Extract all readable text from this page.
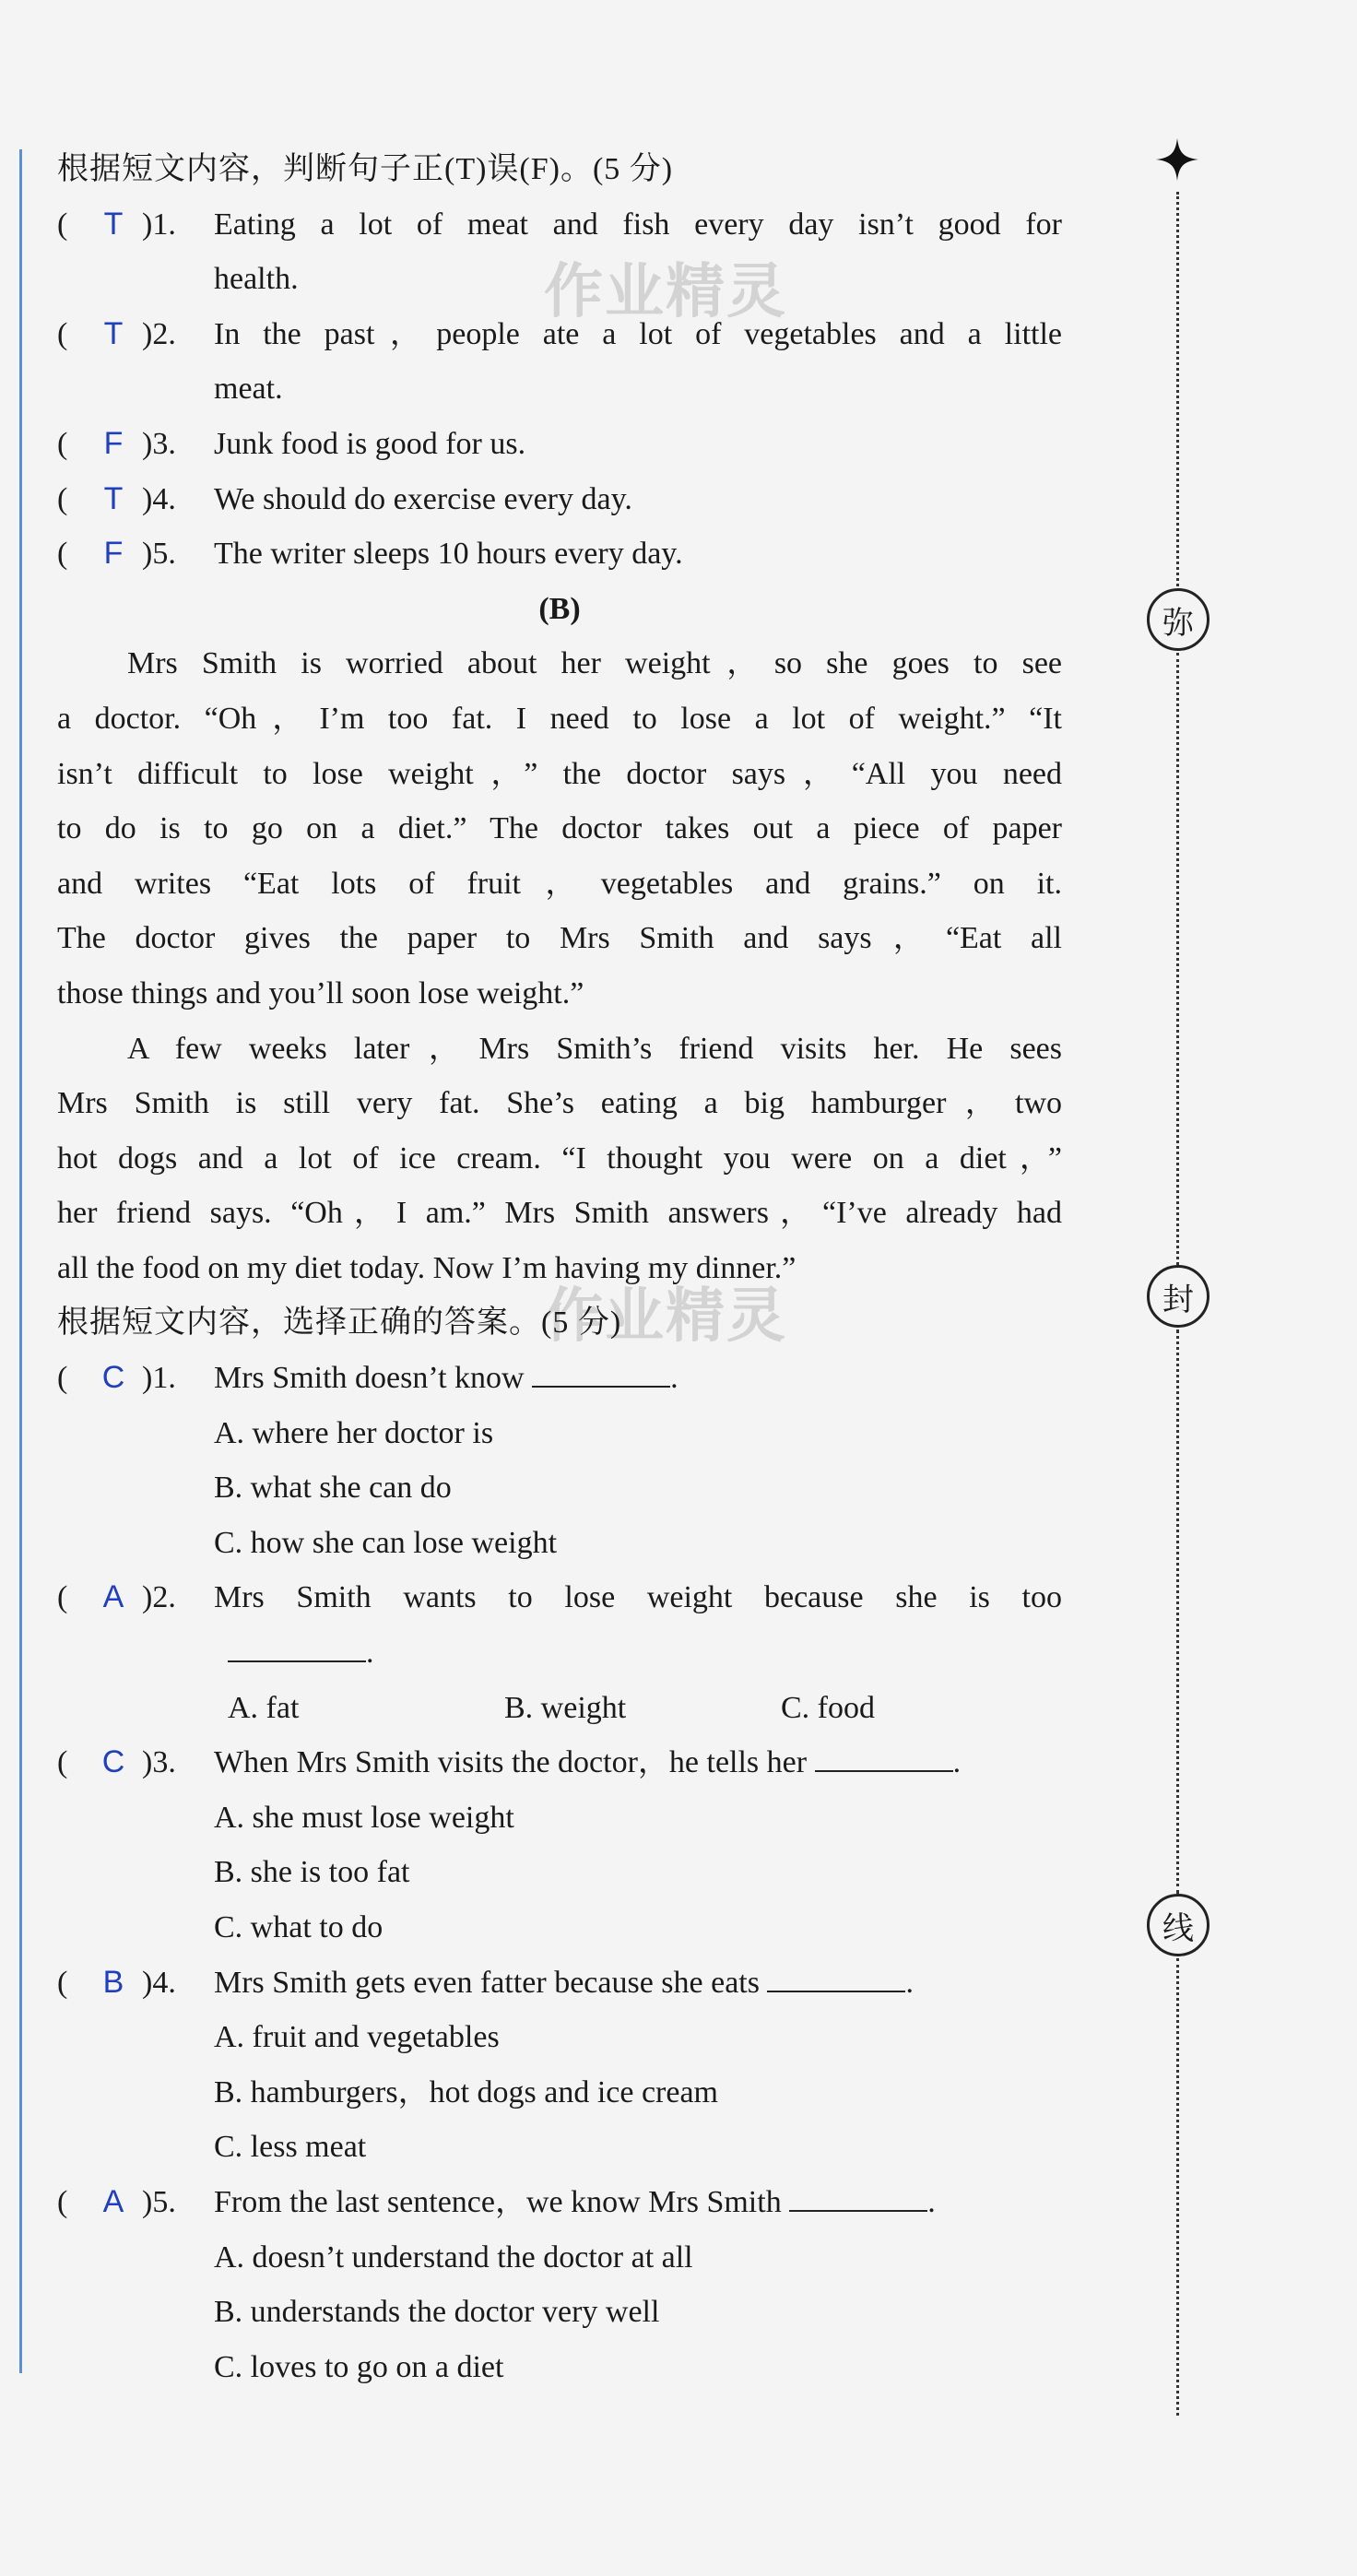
作业精灵
作业精灵
根据短文内容，判断句子正(T)误(F)。(5 分)
(	T )1. Eating a lot of meat and fish every day isn’t good for
health.
(	T )2. In the past，people ate a lot of vegetables and a little
meat.
(	F )3. Junk food is good for us.
(	T )4. We should do exercise every day.
(	F )5. The writer sleeps 10 hours every day.
(B)
Mrs Smith is worried about her weight，so she goes to see
a doctor. “Oh，I’m too fat. I need to lose a lot of weight.” “It
isn’t difficult to lose weight，” the doctor says，“All you need
to do is to go on a diet.” The doctor takes out a piece of paper
and writes “Eat lots of fruit，vegetables and grains.” on it.
The doctor gives the paper to Mrs Smith and says，“Eat all
those things and you’ll soon lose weight.”
A few weeks later，Mrs Smith’s friend visits her. He sees
Mrs Smith is still very fat. She’s eating a big hamburger，two
hot dogs and a lot of ice cream. “I thought you were on a diet，”
her friend says. “Oh，I am.” Mrs Smith answers，“I’ve already had
all the food on my diet today. Now I’m having my dinner.”
根据短文内容，选择正确的答案。(5 分)
(	C )1. Mrs Smith doesn’t know	.
A. where her doctor is
B. what she can do
C. how she can lose weight
(	A )2. Mrs Smith wants to lose weight because she is too
.
A. fat	B. weight	C. food
(	C )3. When Mrs Smith visits the doctor，he tells her	.
A. she must lose weight
B. she is too fat
C. what to do
(	B )4. Mrs Smith gets even fatter because she eats	.
A. fruit and vegetables
B. hamburgers，hot dogs and ice cream
C. less meat
(	A )5. From the last sentence，we know Mrs Smith	.
A. doesn’t understand the doctor at all
B. understands the doctor very well
C. loves to go on a diet
弥
封
线
